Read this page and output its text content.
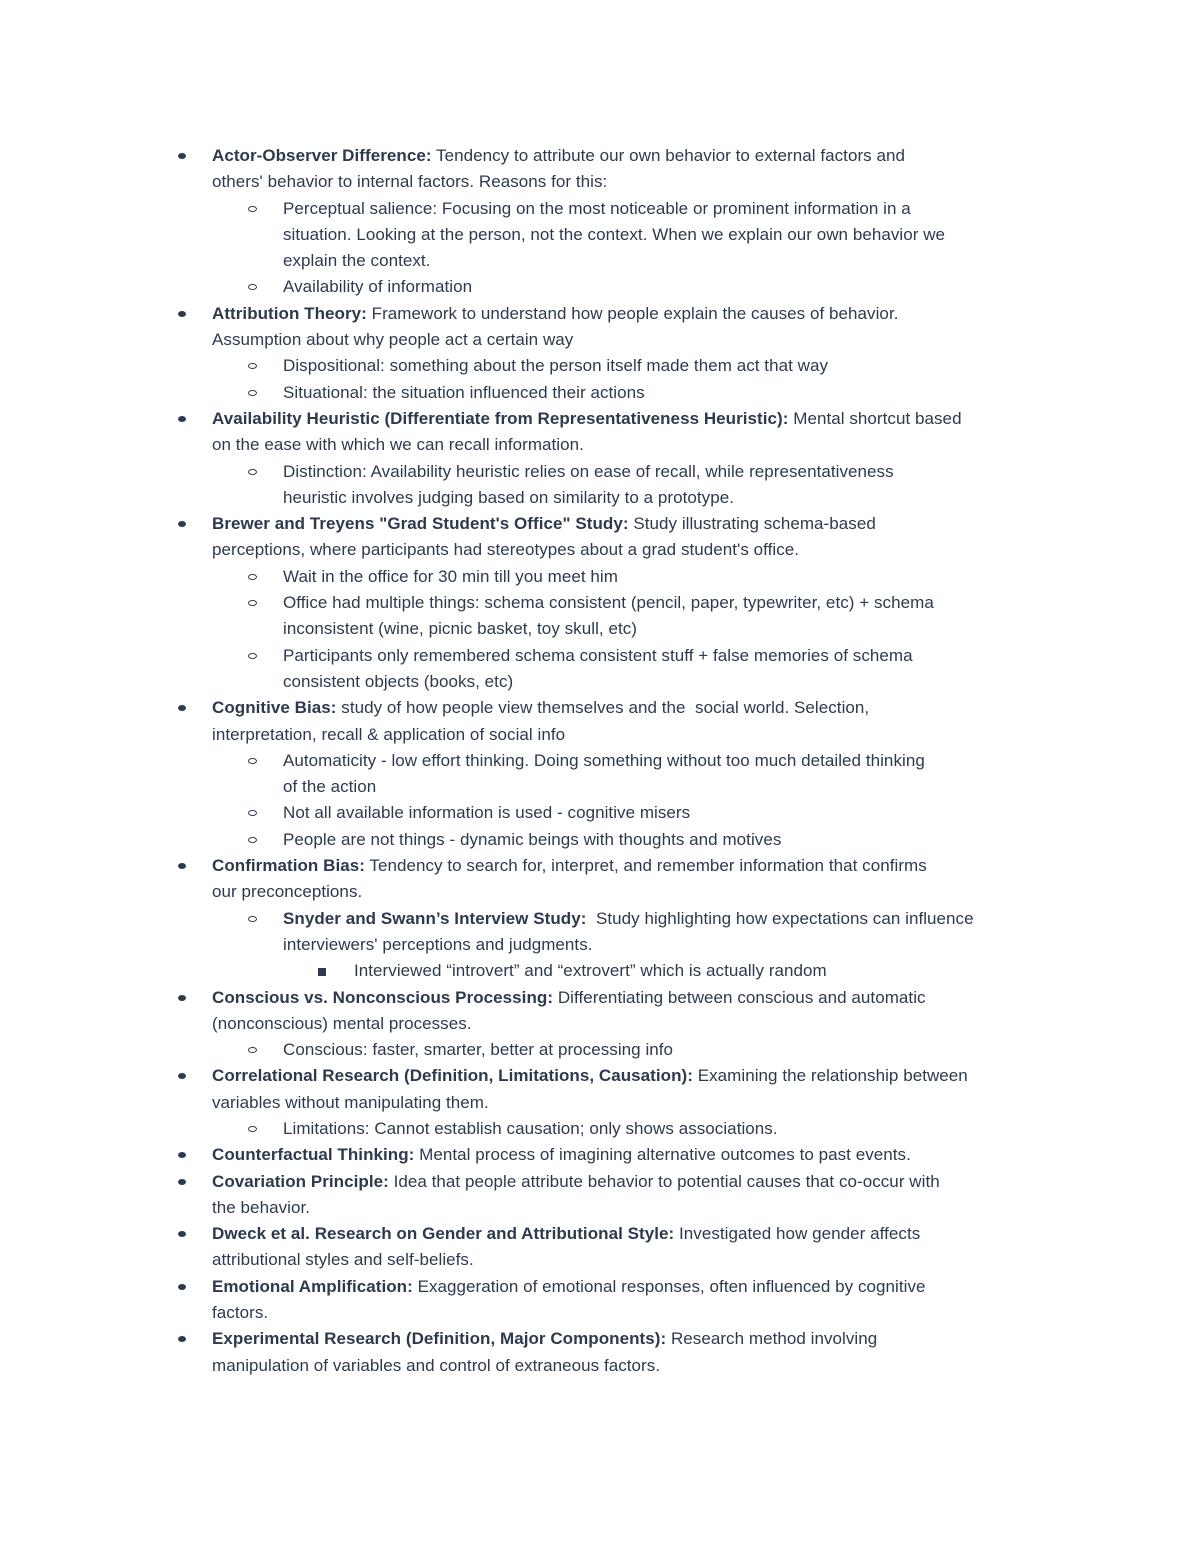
Actor-Observer Difference: Tendency to attribute our own behavior to external factors and
others' behavior to internal factors. Reasons for this:
Perceptual salience: Focusing on the most noticeable or prominent information in a
situation. Looking at the person, not the context. When we explain our own behavior we
explain the context.
Availability of information
Attribution Theory: Framework to understand how people explain the causes of behavior.
Assumption about why people act a certain way
Dispositional: something about the person itself made them act that way
Situational: the situation influenced their actions
Availability Heuristic (Differentiate from Representativeness Heuristic): Mental shortcut based
on the ease with which we can recall information.
Distinction: Availability heuristic relies on ease of recall, while representativeness
heuristic involves judging based on similarity to a prototype.
Brewer and Treyens "Grad Student's Office" Study: Study illustrating schema-based
perceptions, where participants had stereotypes about a grad student's office.
Wait in the office for 30 min till you meet him
Office had multiple things: schema consistent (pencil, paper, typewriter, etc) + schema
inconsistent (wine, picnic basket, toy skull, etc)
Participants only remembered schema consistent stuff + false memories of schema
consistent objects (books, etc)
Cognitive Bias: study of how people view themselves and the  social world. Selection,
interpretation, recall & application of social info
Automaticity - low effort thinking. Doing something without too much detailed thinking
of the action
Not all available information is used - cognitive misers
People are not things - dynamic beings with thoughts and motives
Confirmation Bias: Tendency to search for, interpret, and remember information that confirms
our preconceptions.
Snyder and Swann’s Interview Study:  Study highlighting how expectations can influence
interviewers' perceptions and judgments.
Interviewed “introvert” and “extrovert” which is actually random
Conscious vs. Nonconscious Processing: Differentiating between conscious and automatic
(nonconscious) mental processes.
Conscious: faster, smarter, better at processing info
Correlational Research (Definition, Limitations, Causation): Examining the relationship between
variables without manipulating them.
Limitations: Cannot establish causation; only shows associations.
Counterfactual Thinking: Mental process of imagining alternative outcomes to past events.
Covariation Principle: Idea that people attribute behavior to potential causes that co-occur with
the behavior.
Dweck et al. Research on Gender and Attributional Style: Investigated how gender affects
attributional styles and self-beliefs.
Emotional Amplification: Exaggeration of emotional responses, often influenced by cognitive
factors.
Experimental Research (Definition, Major Components): Research method involving
manipulation of variables and control of extraneous factors.
